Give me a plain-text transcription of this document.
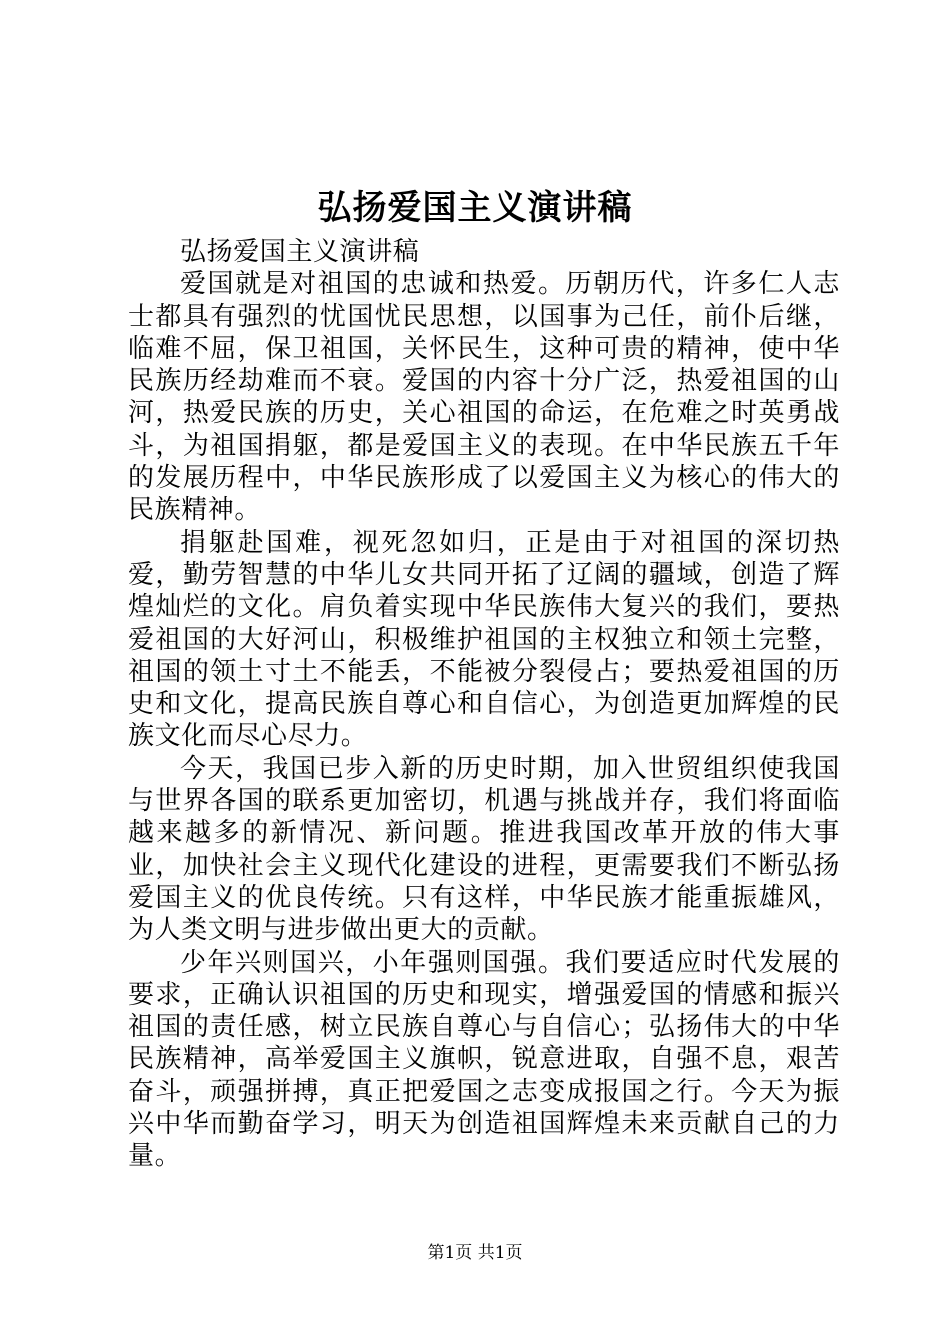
弘扬爱国主义演讲稿

弘扬爱国主义演讲稿

爱国就是对祖国的忠诚和热爱。历朝历代，许多仁人志士都具有强烈的忧国忧民思想，以国事为己任，前仆后继，临难不屈，保卫祖国，关怀民生，这种可贵的精神，使中华民族历经劫难而不衰。爱国的内容十分广泛，热爱祖国的山河，热爱民族的历史，关心祖国的命运，在危难之时英勇战斗，为祖国捐躯，都是爱国主义的表现。在中华民族五千年的发展历程中，中华民族形成了以爱国主义为核心的伟大的民族精神。

捐躯赴国难，视死忽如归，正是由于对祖国的深切热爱，勤劳智慧的中华儿女共同开拓了辽阔的疆域，创造了辉煌灿烂的文化。肩负着实现中华民族伟大复兴的我们，要热爱祖国的大好河山，积极维护祖国的主权独立和领土完整，祖国的领土寸土不能丢，不能被分裂侵占；要热爱祖国的历史和文化，提高民族自尊心和自信心，为创造更加辉煌的民族文化而尽心尽力。

今天，我国已步入新的历史时期，加入世贸组织使我国与世界各国的联系更加密切，机遇与挑战并存，我们将面临越来越多的新情况、新问题。推进我国改革开放的伟大事业，加快社会主义现代化建设的进程，更需要我们不断弘扬爱国主义的优良传统。只有这样，中华民族才能重振雄风，为人类文明与进步做出更大的贡献。

少年兴则国兴，小年强则国强。我们要适应时代发展的要求，正确认识祖国的历史和现实，增强爱国的情感和振兴祖国的责任感，树立民族自尊心与自信心；弘扬伟大的中华民族精神，高举爱国主义旗帜，锐意进取，自强不息，艰苦奋斗，顽强拼搏，真正把爱国之志变成报国之行。今天为振兴中华而勤奋学习，明天为创造祖国辉煌未来贡献自己的力量。

第1页 共1页
